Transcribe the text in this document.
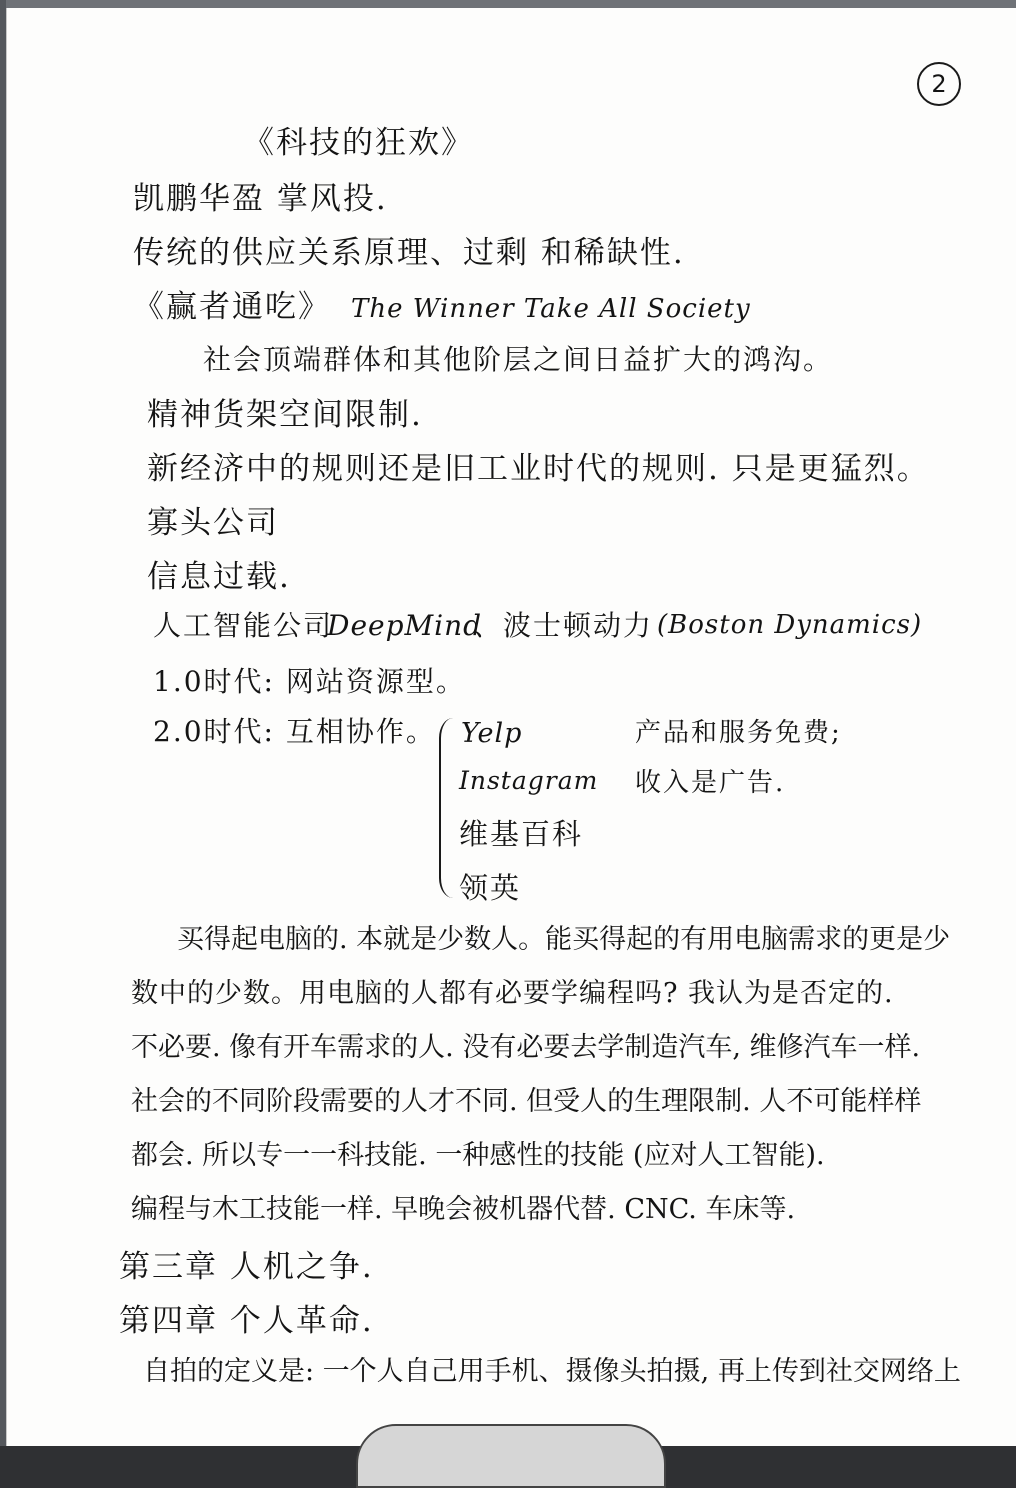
2
《科技的狂欢》
凯鹏华盈 掌风投.
传统的供应关系原理、过剩 和稀缺性.
《赢者通吃》 The Winner Take All Society
社会顶端群体和其他阶层之间日益扩大的鸿沟。
精神货架空间限制.
新经济中的规则还是旧工业时代的规则. 只是更猛烈。
寡头公司
信息过载.
人工智能公司
DeepMind
、波士顿动力 (Boston Dynamics)
1.0时代: 网站资源型。
2.0时代: 互相协作。 Yelp
Instagram
维基百科
领英
产品和服务免费;
收入是广告.
买得起电脑的. 本就是少数人。能买得起的有用电脑需求的更是少
数中的少数。用电脑的人都有必要学编程吗? 我认为是否定的.
不必要. 像有开车需求的人. 没有必要去学制造汽车, 维修汽车一样.
社会的不同阶段需要的人才不同. 但受人的生理限制. 人不可能样样
都会. 所以专一一科技能. 一种感性的技能 (应对人工智能).
编程与木工技能一样. 早晚会被机器代替. CNC. 车床等.
第三章 人机之争.
第四章 个人革命.
自拍的定义是: 一个人自己用手机、摄像头拍摄, 再上传到社交网络上
